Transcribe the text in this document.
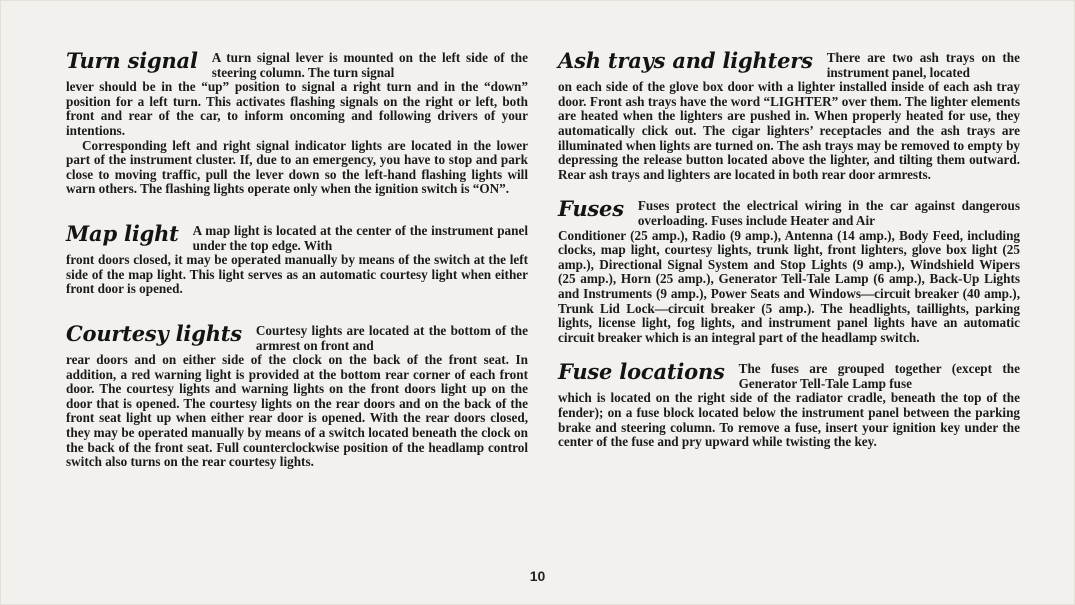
Turn signal A turn signal lever is mounted on the left side of the steering column. The turn signal

lever should be in the “up” position to signal a right turn and in the “down” position for a left turn. This activates flashing signals on the right or left, both front and rear of the car, to inform oncoming and following drivers of your intentions.

Corresponding left and right signal indicator lights are located in the lower part of the instrument cluster. If, due to an emergency, you have to stop and park close to moving traffic, pull the lever down so the left-hand flashing lights will warn others. The flashing lights operate only when the ignition switch is “ON”.

Map light A map light is located at the center of the instrument panel under the top edge. With

front doors closed, it may be operated manually by means of the switch at the left side of the map light. This light serves as an automatic courtesy light when either front door is opened.

Courtesy lights Courtesy lights are located at the bottom of the armrest on front and

rear doors and on either side of the clock on the back of the front seat. In addition, a red warning light is provided at the bottom rear corner of each front door. The courtesy lights and warning lights on the front doors light up on the door that is opened. The courtesy lights on the rear doors and on the back of the front seat light up when either rear door is opened. With the rear doors closed, they may be operated manually by means of a switch located beneath the clock on the back of the front seat. Full counterclockwise position of the headlamp control switch also turns on the rear courtesy lights.

Ash trays and lighters There are two ash trays on the instrument panel, located

on each side of the glove box door with a lighter installed inside of each ash tray door. Front ash trays have the word “LIGHTER” over them. The lighter elements are heated when the lighters are pushed in. When properly heated for use, they automatically click out. The cigar lighters’ receptacles and the ash trays are illuminated when lights are turned on. The ash trays may be removed to empty by depressing the release button located above the lighter, and tilting them outward. Rear ash trays and lighters are located in both rear door armrests.

Fuses Fuses protect the electrical wiring in the car against dangerous overloading. Fuses include Heater and Air

Conditioner (25 amp.), Radio (9 amp.), Antenna (14 amp.), Body Feed, including clocks, map light, courtesy lights, trunk light, front lighters, glove box light (25 amp.), Directional Signal System and Stop Lights (9 amp.), Windshield Wipers (25 amp.), Horn (25 amp.), Generator Tell-Tale Lamp (6 amp.), Back-Up Lights and Instruments (9 amp.), Power Seats and Windows—circuit breaker (40 amp.), Trunk Lid Lock—circuit breaker (5 amp.). The headlights, taillights, parking lights, license light, fog lights, and instrument panel lights have an automatic circuit breaker which is an integral part of the headlamp switch.

Fuse locations The fuses are grouped together (except the Generator Tell-Tale Lamp fuse

which is located on the right side of the radiator cradle, beneath the top of the fender); on a fuse block located below the instrument panel between the parking brake and steering column. To remove a fuse, insert your ignition key under the center of the fuse and pry upward while twisting the key.

10
